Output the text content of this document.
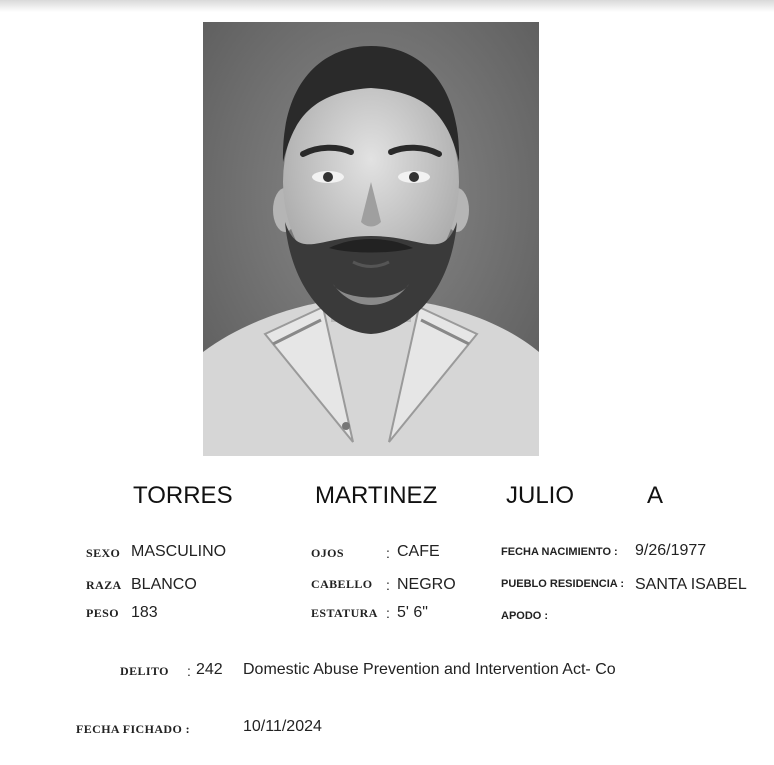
TORRES	MARTINEZ	JULIO	A
SEXO MASCULINO
RAZA BLANCO
PESO 183
OJOS	: CAFE
CABELLO : NEGRO
ESTATURA : 5' 6"
FECHA NACIMIENTO : 9/26/1977
PUEBLO RESIDENCIA : SANTA ISABEL
APODO :
DELITO : 242 Domestic Abuse Prevention and Intervention Act- Co
FECHA FICHADO :	10/11/2024
